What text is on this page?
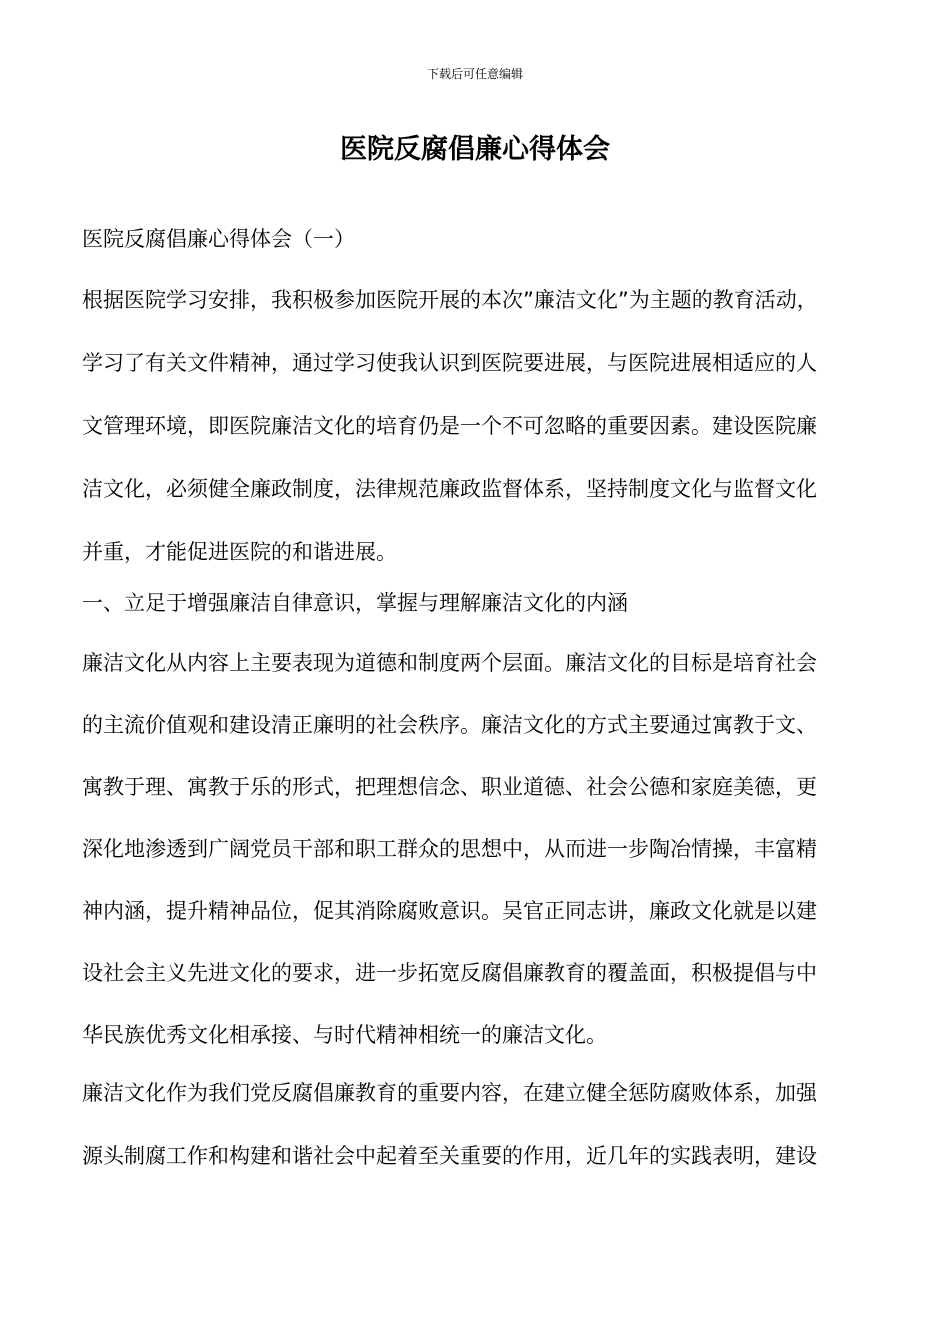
下载后可任意编辑
医院反腐倡廉心得体会

医院反腐倡廉心得体会（一）

根据医院学习安排，我积极参加医院开展的本次”廉洁文化”为主题的教育活动，
学习了有关文件精神，通过学习使我认识到医院要进展，与医院进展相适应的人
文管理环境，即医院廉洁文化的培育仍是一个不可忽略的重要因素。建设医院廉
洁文化，必须健全廉政制度，法律规范廉政监督体系，坚持制度文化与监督文化
并重，才能促进医院的和谐进展。

一、立足于增强廉洁自律意识，掌握与理解廉洁文化的内涵

廉洁文化从内容上主要表现为道德和制度两个层面。廉洁文化的目标是培育社会
的主流价值观和建设清正廉明的社会秩序。廉洁文化的方式主要通过寓教于文、
寓教于理、寓教于乐的形式，把理想信念、职业道德、社会公德和家庭美德，更
深化地渗透到广阔党员干部和职工群众的思想中，从而进一步陶冶情操，丰富精
神内涵，提升精神品位，促其消除腐败意识。吴官正同志讲，廉政文化就是以建
设社会主义先进文化的要求，进一步拓宽反腐倡廉教育的覆盖面，积极提倡与中
华民族优秀文化相承接、与时代精神相统一的廉洁文化。
廉洁文化作为我们党反腐倡廉教育的重要内容，在建立健全惩防腐败体系，加强
源头制腐工作和构建和谐社会中起着至关重要的作用，近几年的实践表明，建设
